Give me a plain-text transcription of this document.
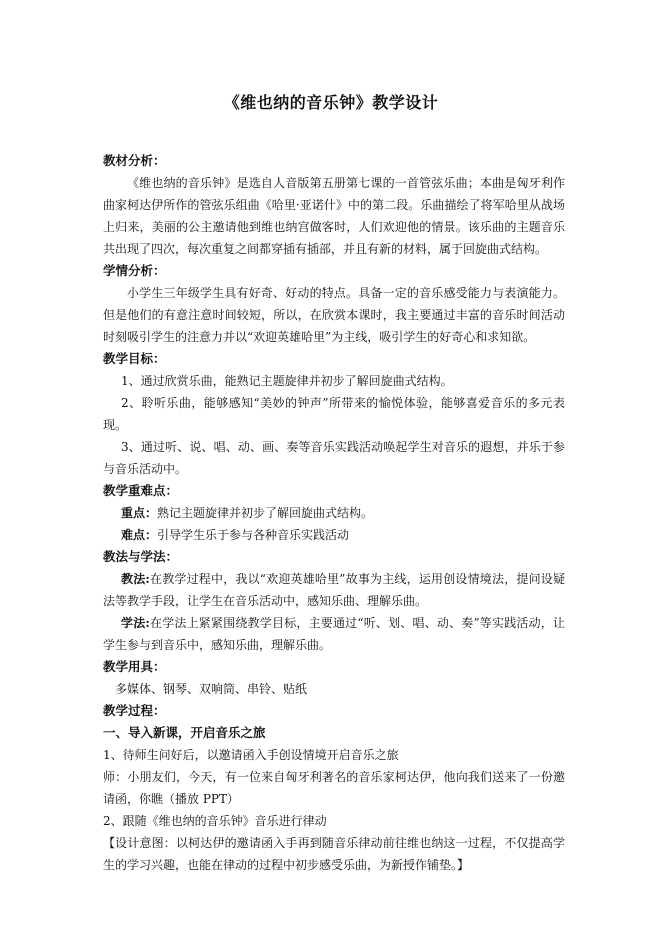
《维也纳的音乐钟》教学设计
教材分析：
《维也纳的音乐钟》是选自人音版第五册第七课的一首管弦乐曲；本曲是匈牙利作曲家柯达伊所作的管弦乐组曲《哈里·亚诺什》中的第二段。乐曲描绘了将军哈里从战场上归来，美丽的公主邀请他到维也纳宫做客时，人们欢迎他的情景。该乐曲的主题音乐共出现了四次，每次重复之间都穿插有插部，并且有新的材料，属于回旋曲式结构。
学情分析：
小学生三年级学生具有好奇、好动的特点。具备一定的音乐感受能力与表演能力。但是他们的有意注意时间较短，所以，在欣赏本课时，我主要通过丰富的音乐时间活动时刻吸引学生的注意力并以“欢迎英雄哈里”为主线，吸引学生的好奇心和求知欲。
教学目标：
1、通过欣赏乐曲，能熟记主题旋律并初步了解回旋曲式结构。
2、聆听乐曲，能够感知“美妙的钟声”所带来的愉悦体验，能够喜爱音乐的多元表现。
3、通过听、说、唱、动、画、奏等音乐实践活动唤起学生对音乐的遐想，并乐于参与音乐活动中。
教学重难点：
重点：熟记主题旋律并初步了解回旋曲式结构。
难点：引导学生乐于参与各种音乐实践活动
教法与学法：
教法:在教学过程中，我以“欢迎英雄哈里”故事为主线，运用创设情境法，提问设疑法等教学手段，让学生在音乐活动中，感知乐曲、理解乐曲。
学法:在学法上紧紧围绕教学目标，主要通过“听、划、唱、动、奏”等实践活动，让学生参与到音乐中，感知乐曲，理解乐曲。
教学用具：
多媒体、钢琴、双响筒、串铃、贴纸
教学过程：
一、导入新课，开启音乐之旅
1、待师生问好后，以邀请函入手创设情境开启音乐之旅
师：小朋友们，今天，有一位来自匈牙利著名的音乐家柯达伊，他向我们送来了一份邀请函，你瞧（播放 PPT）
2、跟随《维也纳的音乐钟》音乐进行律动
【设计意图：以柯达伊的邀请函入手再到随音乐律动前往维也纳这一过程，不仅提高学生的学习兴趣，也能在律动的过程中初步感受乐曲，为新授作铺垫。】
